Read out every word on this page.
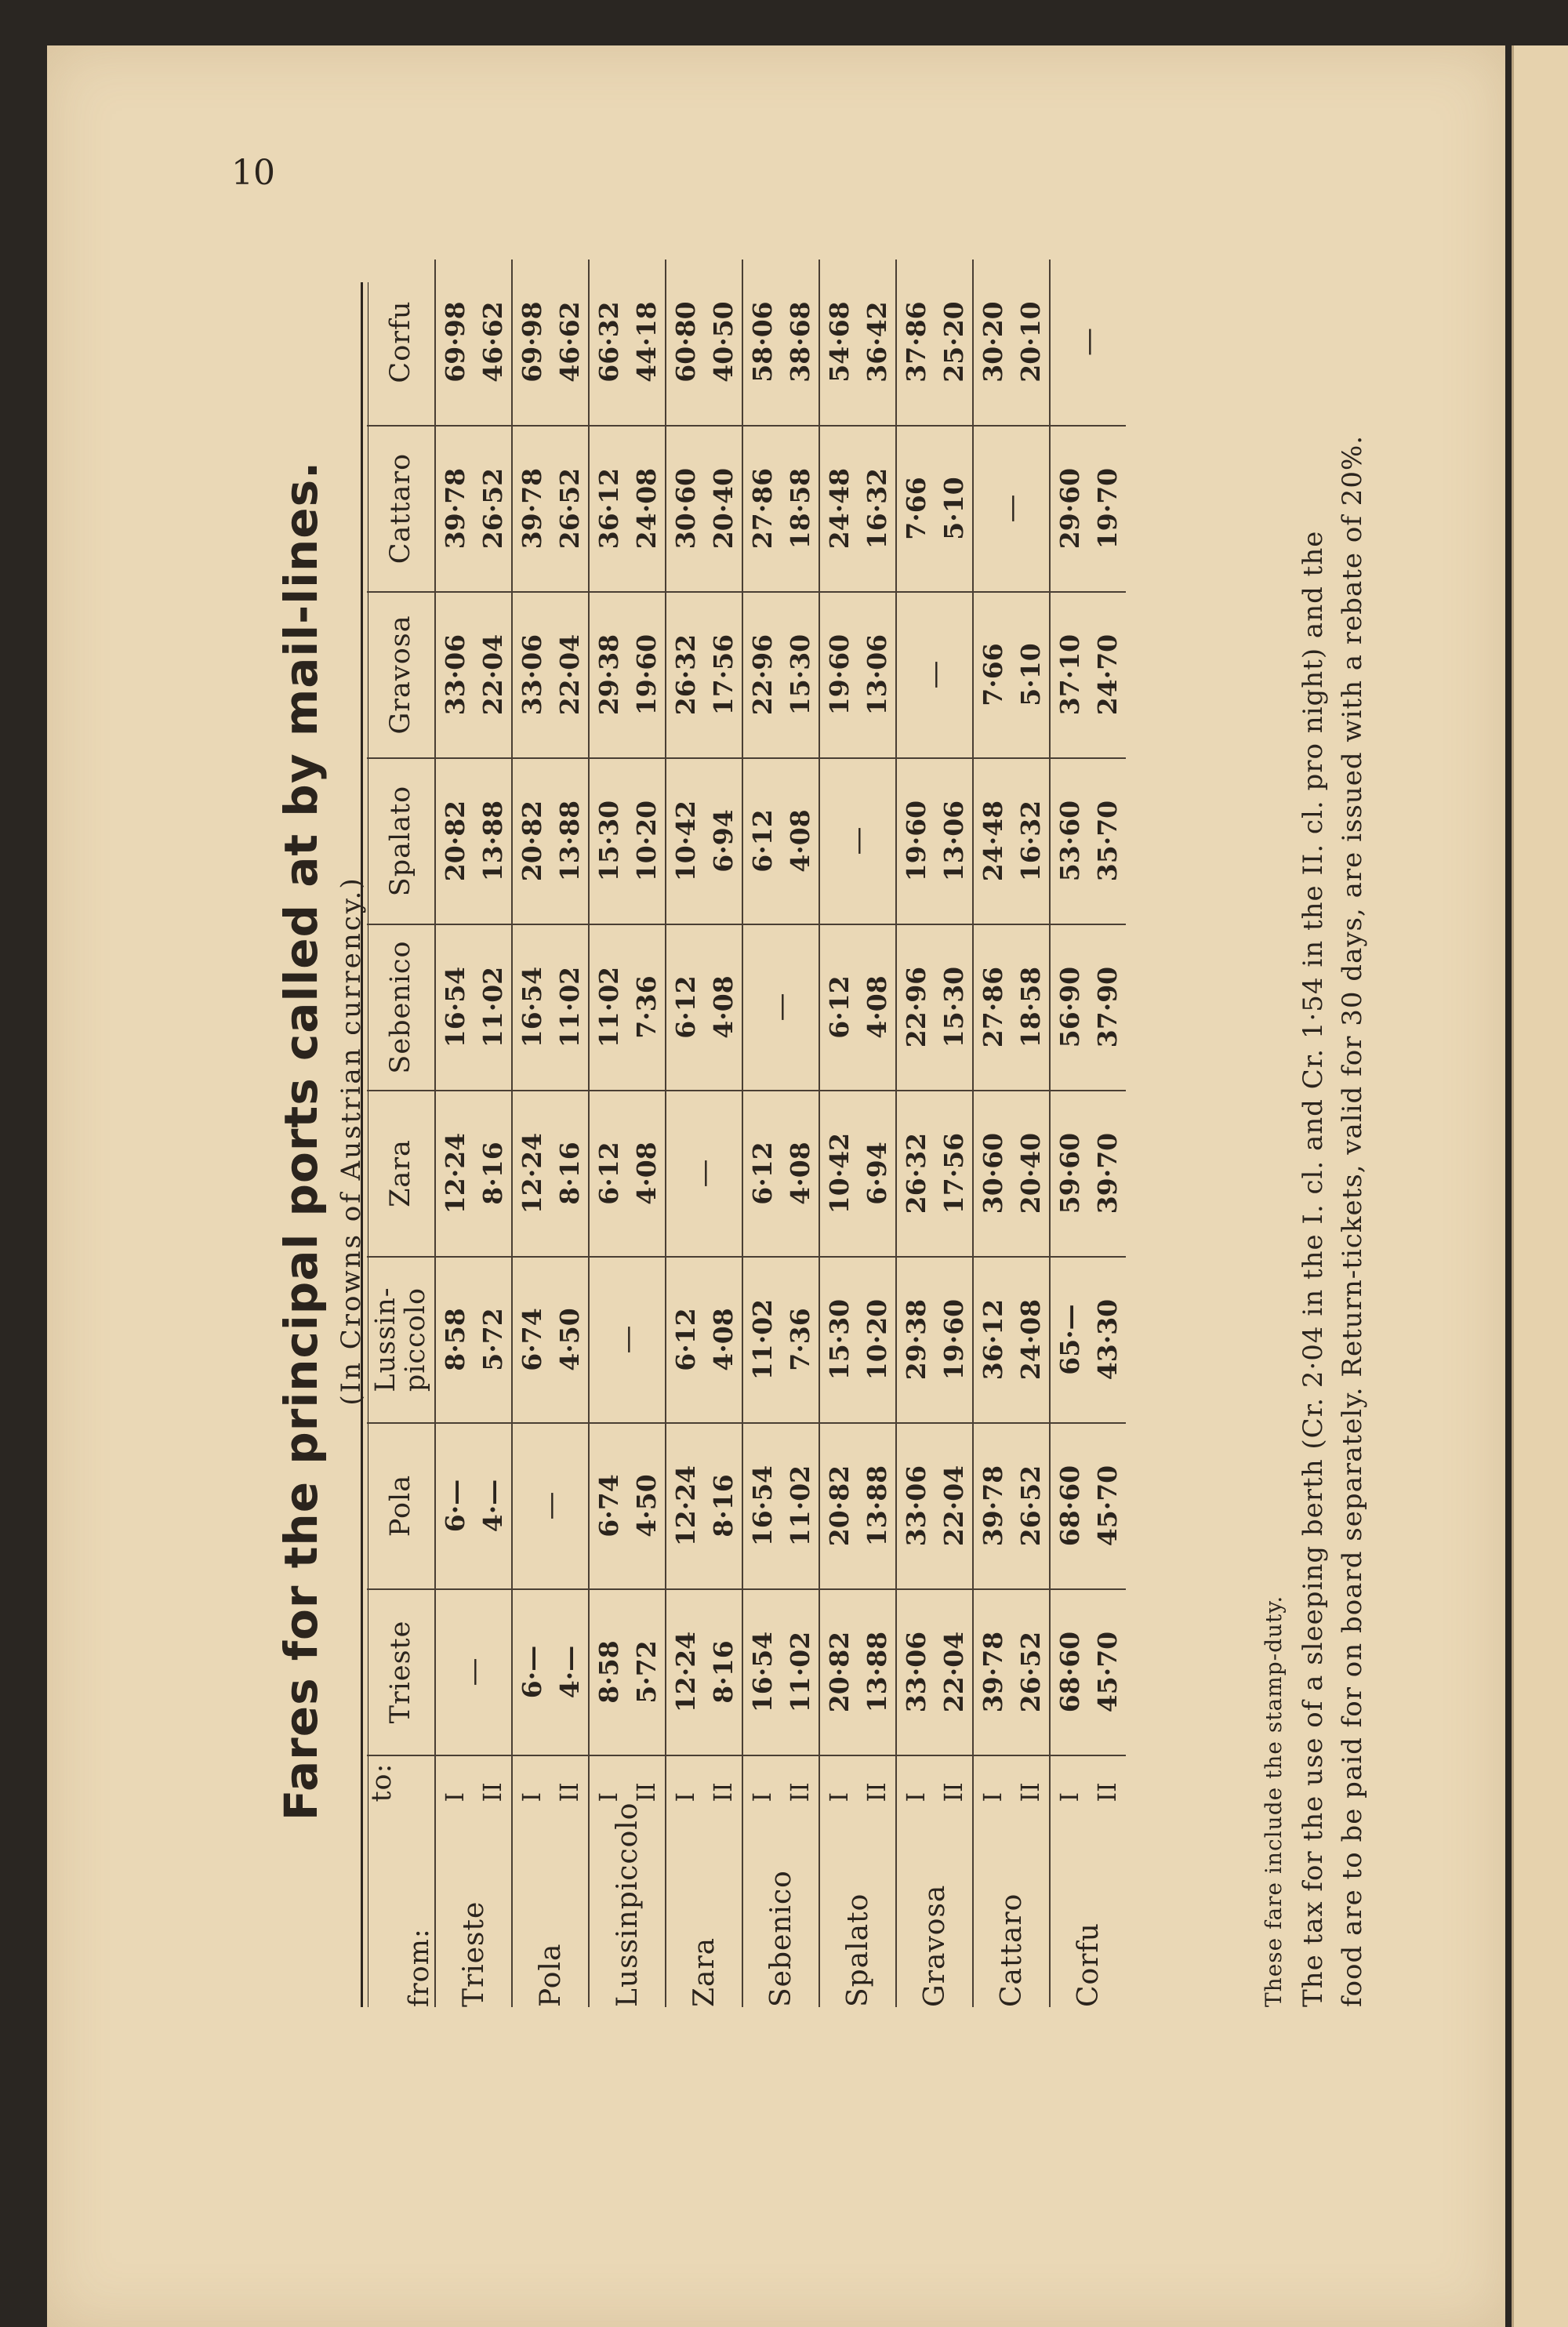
10
Fares for the principal ports called at by mail-lines. (In Crowns of Austrian currency.)
from:	to:	Trieste	Pola	Lussin-piccolo	Zara	Sebenico	Spalato	Gravosa	Cattaro	Corfu
Trieste	I	—	6·—	8·58	12·24	16·54	20·82	33·06	39·78	69·98
	II		4·—	5·72	8·16	11·02	13·88	22·04	26·52	46·62
Pola	I	6·—	—	6·74	12·24	16·54	20·82	33·06	39·78	69·98
	II	4·—		4·50	8·16	11·02	13·88	22·04	26·52	46·62
Lussinpiccolo	I	8·58	6·74	—	6·12	11·02	15·30	29·38	36·12	66·32
	II	5·72	4·50		4·08	7·36	10·20	19·60	24·08	44·18
Zara	I	12·24	12·24	6·12	—	6·12	10·42	26·32	30·60	60·80
	II	8·16	8·16	4·08		4·08	6·94	17·56	20·40	40·50
Sebenico	I	16·54	16·54	11·02	6·12	—	6·12	22·96	27·86	58·06
	II	11·02	11·02	7·36	4·08		4·08	15·30	18·58	38·68
Spalato	I	20·82	20·82	15·30	10·42	6·12	—	19·60	24·48	54·68
	II	13·88	13·88	10·20	6·94	4·08		13·06	16·32	36·42
Gravosa	I	33·06	33·06	29·38	26·32	22·96	19·60	—	7·66	37·86
	II	22·04	22·04	19·60	17·56	15·30	13·06		5·10	25·20
Cattaro	I	39·78	39·78	36·12	30·60	27·86	24·48	7·66	—	30·20
	II	26·52	26·52	24·08	20·40	18·58	16·32	5·10		20·10
Corfu	I	68·60	68·60	65·—	59·60	56·90	53·60	37·10	29·60	—
	II	45·70	45·70	43·30	39·70	37·90	35·70	24·70	19·70	
These fare include the stamp-duty. The tax for the use of a sleeping berth (Cr. 2·04 in the I. cl. and Cr. 1·54 in the II. cl. pro night) and the food are to be paid for on board separately. Return-tickets, valid for 30 days, are issued with a rebate of 20%.
